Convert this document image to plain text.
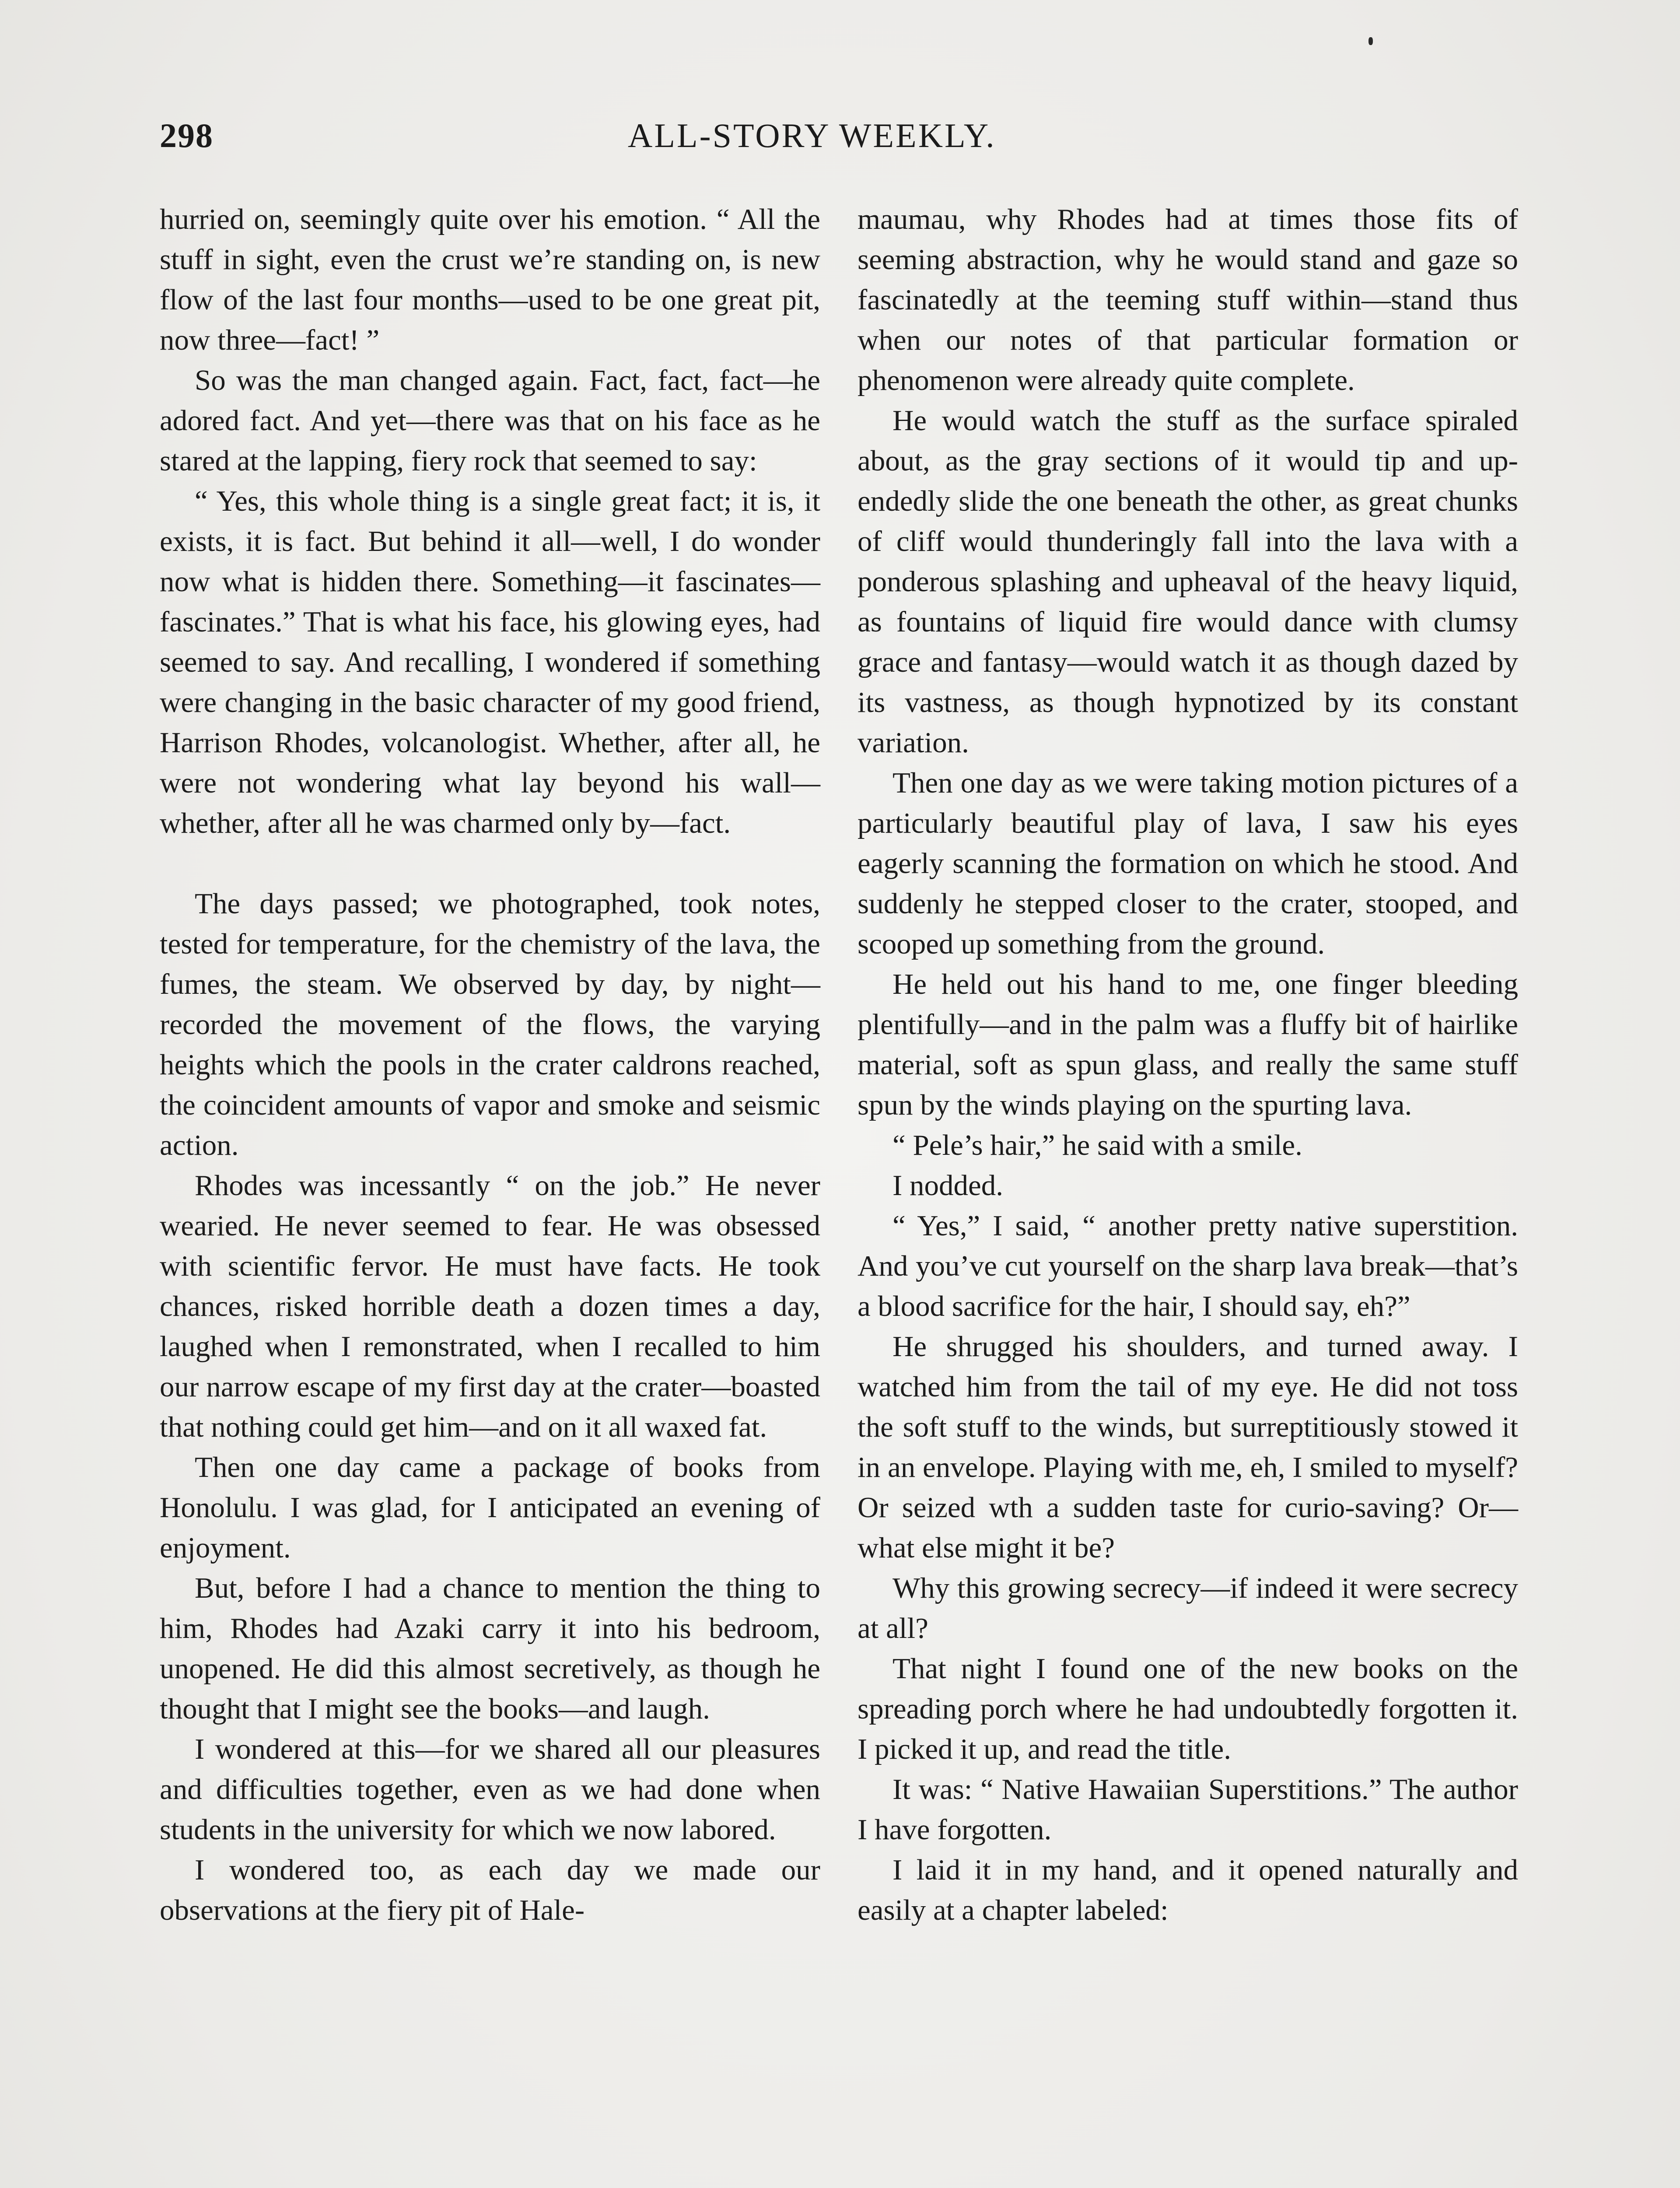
298	ALL-STORY WEEKLY.

hurried on, seemingly quite over his emotion. “ All the stuff in sight, even the crust we’re standing on, is new flow of the last four months—used to be one great pit, now three—fact! ”

So was the man changed again. Fact, fact, fact—he adored fact. And yet—there was that on his face as he stared at the lapping, fiery rock that seemed to say:

“ Yes, this whole thing is a single great fact; it is, it exists, it is fact. But behind it all—well, I do wonder now what is hidden there. Something—it fascinates—fascinates.” That is what his face, his glowing eyes, had seemed to say. And recalling, I wondered if something were changing in the basic character of my good friend, Harrison Rhodes, volcanologist. Whether, after all, he were not wondering what lay beyond his wall—whether, after all he was charmed only by—fact.

The days passed; we photographed, took notes, tested for temperature, for the chemistry of the lava, the fumes, the steam. We observed by day, by night—recorded the movement of the flows, the varying heights which the pools in the crater caldrons reached, the coincident amounts of vapor and smoke and seismic action.

Rhodes was incessantly “ on the job.” He never wearied. He never seemed to fear. He was obsessed with scientific fervor. He must have facts. He took chances, risked horrible death a dozen times a day, laughed when I remonstrated, when I recalled to him our narrow escape of my first day at the crater—boasted that nothing could get him—and on it all waxed fat.

Then one day came a package of books from Honolulu. I was glad, for I anticipated an evening of enjoyment.

But, before I had a chance to mention the thing to him, Rhodes had Azaki carry it into his bedroom, unopened. He did this almost secretively, as though he thought that I might see the books—and laugh.

I wondered at this—for we shared all our pleasures and difficulties together, even as we had done when students in the university for which we now labored.

I wondered too, as each day we made our observations at the fiery pit of Hale-

maumau, why Rhodes had at times those fits of seeming abstraction, why he would stand and gaze so fascinatedly at the teeming stuff within—stand thus when our notes of that particular formation or phenomenon were already quite complete.

He would watch the stuff as the surface spiraled about, as the gray sections of it would tip and up-endedly slide the one beneath the other, as great chunks of cliff would thunderingly fall into the lava with a ponderous splashing and upheaval of the heavy liquid, as fountains of liquid fire would dance with clumsy grace and fantasy—would watch it as though dazed by its vastness, as though hypnotized by its constant variation.

Then one day as we were taking motion pictures of a particularly beautiful play of lava, I saw his eyes eagerly scanning the formation on which he stood. And suddenly he stepped closer to the crater, stooped, and scooped up something from the ground.

He held out his hand to me, one finger bleeding plentifully—and in the palm was a fluffy bit of hairlike material, soft as spun glass, and really the same stuff spun by the winds playing on the spurting lava.

“ Pele’s hair,” he said with a smile.

I nodded.

“ Yes,” I said, “ another pretty native superstition. And you’ve cut yourself on the sharp lava break—that’s a blood sacrifice for the hair, I should say, eh?”

He shrugged his shoulders, and turned away. I watched him from the tail of my eye. He did not toss the soft stuff to the winds, but surreptitiously stowed it in an envelope. Playing with me, eh, I smiled to myself? Or seized wth a sudden taste for curio-saving? Or—what else might it be?

Why this growing secrecy—if indeed it were secrecy at all?

That night I found one of the new books on the spreading porch where he had undoubtedly forgotten it. I picked it up, and read the title.

It was: “ Native Hawaiian Superstitions.” The author I have forgotten.

I laid it in my hand, and it opened naturally and easily at a chapter labeled:
